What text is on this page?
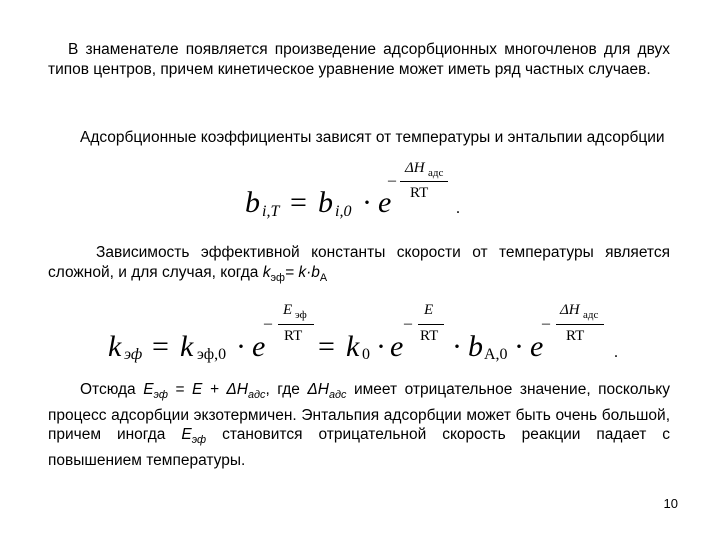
В знаменателе появляется произведение адсорбционных многочленов для двух типов центров, причем кинетическое уравнение может иметь ряд частных случаев.

Адсорбционные коэффициенты зависят от температуры и энтальпии адсорбции

b i,T = b i,0 · e
–
ΔH адс
RT
.

Зависимость эффективной константы скорости от температуры является сложной, и для случая, когда $k_{эф}= k\cdot b_A$

k эф = k эф,0 · e
–
E эф
RT = k 0 · e
–
E
RT · b A,0 · e
–
ΔH адс
RT
.

Отсюда $E_{эф} = E + \Delta H_{адс}$, где $\Delta H_{адс}$ имеет отрицательное значение, поскольку процесс адсорбции экзотермичен. Энтальпия адсорбции может быть очень большой, причем иногда $E_{эф}$ становится отрицательной скорость реакции падает с повышением температуры.

10
